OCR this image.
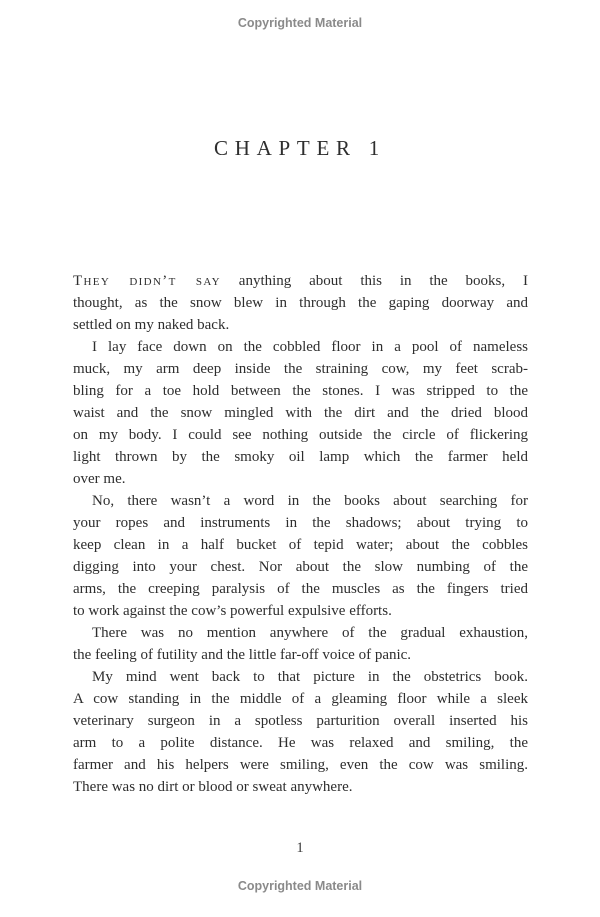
Copyrighted Material
CHAPTER 1
They didn’t say anything about this in the books, I
thought, as the snow blew in through the gaping doorway and
settled on my naked back.
I lay face down on the cobbled floor in a pool of nameless
muck, my arm deep inside the straining cow, my feet scrab-
bling for a toe hold between the stones. I was stripped to the
waist and the snow mingled with the dirt and the dried blood
on my body. I could see nothing outside the circle of flickering
light thrown by the smoky oil lamp which the farmer held
over me.
No, there wasn’t a word in the books about searching for
your ropes and instruments in the shadows; about trying to
keep clean in a half bucket of tepid water; about the cobbles
digging into your chest. Nor about the slow numbing of the
arms, the creeping paralysis of the muscles as the fingers tried
to work against the cow’s powerful expulsive efforts.
There was no mention anywhere of the gradual exhaustion,
the feeling of futility and the little far-off voice of panic.
My mind went back to that picture in the obstetrics book.
A cow standing in the middle of a gleaming floor while a sleek
veterinary surgeon in a spotless parturition overall inserted his
arm to a polite distance. He was relaxed and smiling, the
farmer and his helpers were smiling, even the cow was smiling.
There was no dirt or blood or sweat anywhere.
1
Copyrighted Material
